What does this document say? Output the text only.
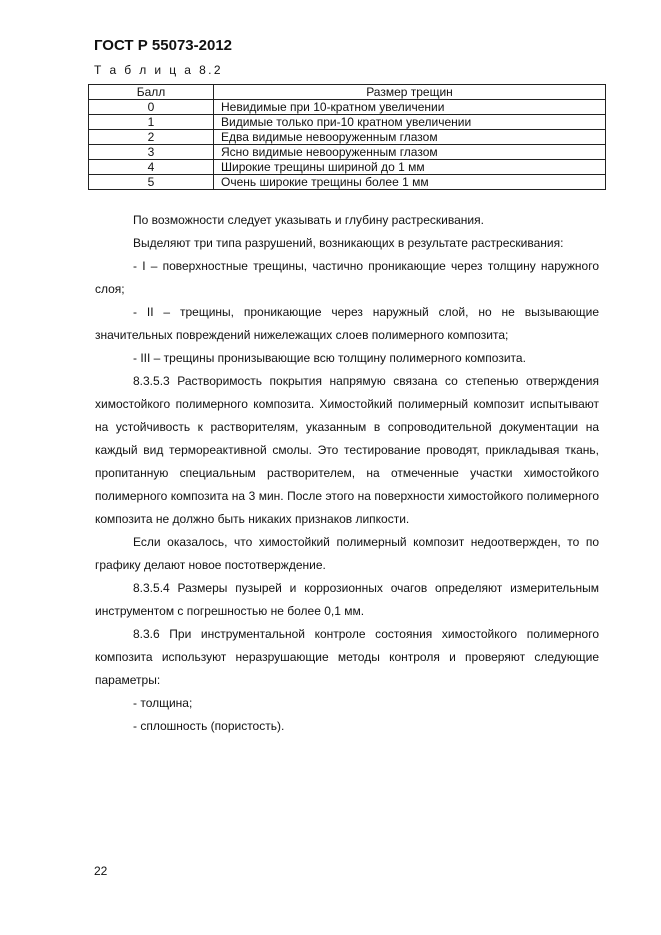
ГОСТ Р 55073-2012
Т а б л и ц а 8.2
Балл	Размер трещин
0	Невидимые при 10-кратном увеличении
1	Видимые только при-10 кратном увеличении
2	Едва видимые невооруженным глазом
3	Ясно видимые невооруженным глазом
4	Широкие трещины шириной до 1 мм
5	Очень широкие трещины более 1 мм

По возможности следует указывать и глубину растрескивания.

Выделяют три типа разрушений, возникающих в результате растрескивания:

- I – поверхностные трещины, частично проникающие через толщину наружного слоя;

- II – трещины, проникающие через наружный слой, но не вызывающие значительных повреждений нижележащих слоев полимерного композита;

- III – трещины пронизывающие всю толщину полимерного композита.

8.3.5.3 Растворимость покрытия напрямую связана со степенью отверждения химостойкого полимерного композита. Химостойкий полимерный композит испытывают на устойчивость к растворителям, указанным в сопроводительной документации на каждый вид термореактивной смолы. Это тестирование проводят, прикладывая ткань, пропитанную специальным растворителем, на отмеченные участки химостойкого полимерного композита на 3 мин. После этого на поверхности химостойкого полимерного композита не должно быть никаких признаков липкости.

Если оказалось, что химостойкий полимерный композит недоотвержден, то по графику делают новое постотверждение.

8.3.5.4 Размеры пузырей и коррозионных очагов определяют измерительным инструментом с погрешностью не более 0,1 мм.

8.3.6 При инструментальной контроле состояния химостойкого полимерного композита используют неразрушающие методы контроля и проверяют следующие параметры:

- толщина;

- сплошность (пористость).

22
